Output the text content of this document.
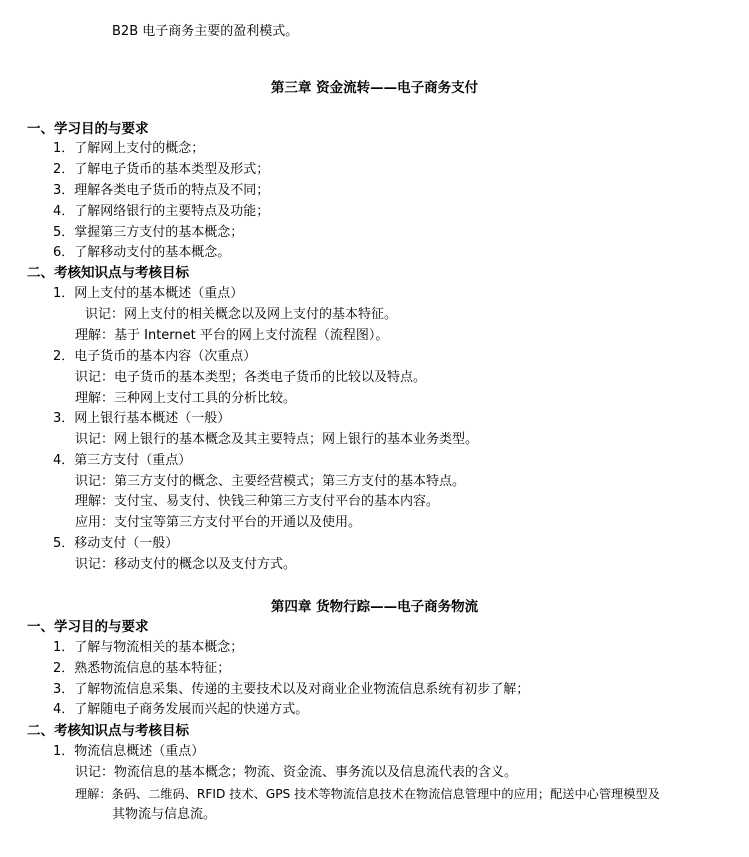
B2B 电子商务主要的盈利模式。
第三章 资金流转——电子商务支付
一、学习目的与要求
1．了解网上支付的概念；
2．了解电子货币的基本类型及形式；
3．理解各类电子货币的特点及不同；
4．了解网络银行的主要特点及功能；
5．掌握第三方支付的基本概念；
6．了解移动支付的基本概念。
二、考核知识点与考核目标
1．网上支付的基本概述（重点）
识记：网上支付的相关概念以及网上支付的基本特征。
理解：基于 Internet 平台的网上支付流程（流程图）。
2．电子货币的基本内容（次重点）
识记：电子货币的基本类型；各类电子货币的比较以及特点。
理解：三种网上支付工具的分析比较。
3．网上银行基本概述（一般）
识记：网上银行的基本概念及其主要特点；网上银行的基本业务类型。
4．第三方支付（重点）
识记：第三方支付的概念、主要经营模式；第三方支付的基本特点。
理解：支付宝、易支付、快钱三种第三方支付平台的基本内容。
应用：支付宝等第三方支付平台的开通以及使用。
5．移动支付（一般）
识记：移动支付的概念以及支付方式。
第四章 货物行踪——电子商务物流
一、学习目的与要求
1．了解与物流相关的基本概念；
2．熟悉物流信息的基本特征；
3．了解物流信息采集、传递的主要技术以及对商业企业物流信息系统有初步了解；
4．了解随电子商务发展而兴起的快递方式。
二、考核知识点与考核目标
1．物流信息概述（重点）
识记：物流信息的基本概念；物流、资金流、事务流以及信息流代表的含义。
理解：条码、二维码、RFID 技术、GPS 技术等物流信息技术在物流信息管理中的应用；配送中心管理模型及
其物流与信息流。
